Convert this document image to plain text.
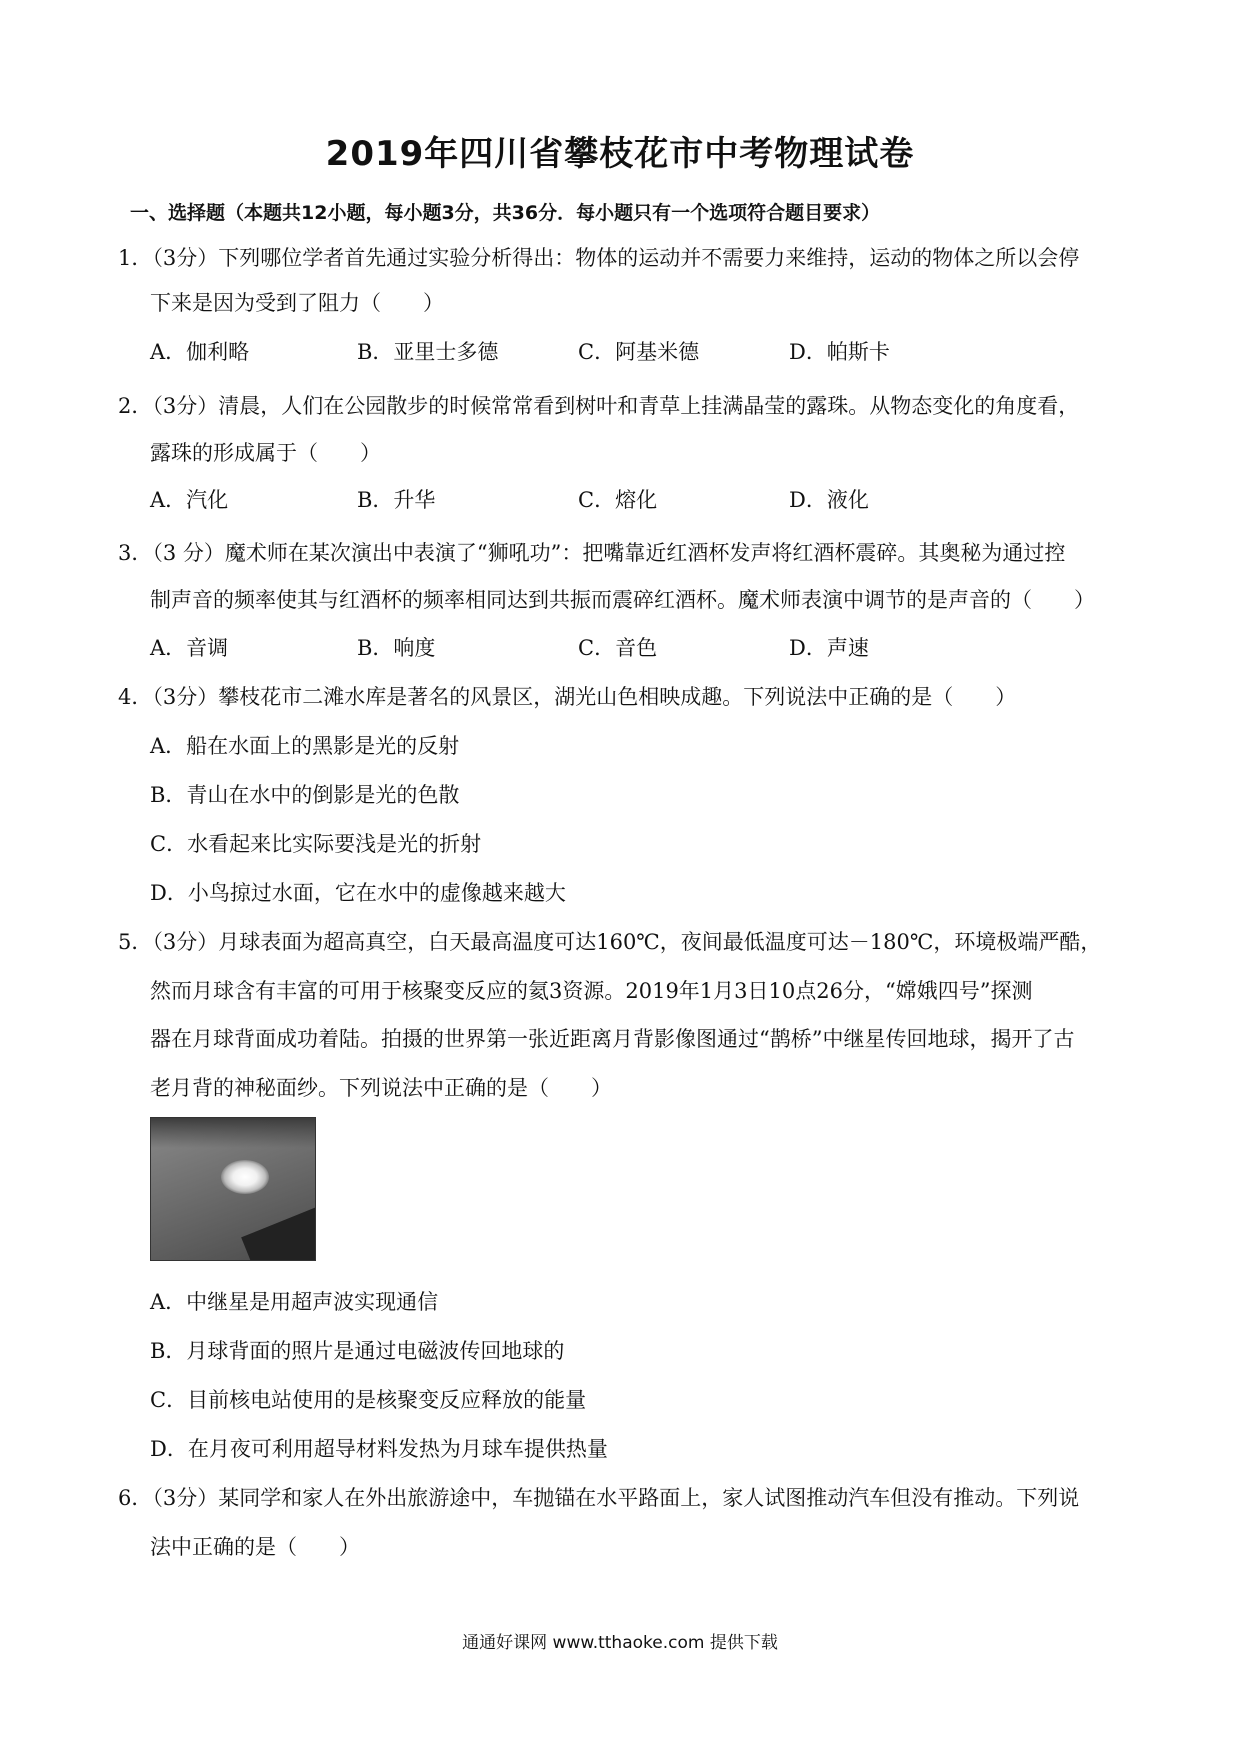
2019年四川省攀枝花市中考物理试卷
一、选择题（本题共12小题，每小题3分，共36分．每小题只有一个选项符合题目要求）
1．（3分）下列哪位学者首先通过实验分析得出：物体的运动并不需要力来维持，运动的物体之所以会停
下来是因为受到了阻力（　　）
A．伽利略	B．亚里士多德	C．阿基米德	D．帕斯卡
2．（3分）清晨，人们在公园散步的时候常常看到树叶和青草上挂满晶莹的露珠。从物态变化的角度看，
露珠的形成属于（　　）
A．汽化	B．升华	C．熔化	D．液化
3．（3 分）魔术师在某次演出中表演了“狮吼功”：把嘴靠近红酒杯发声将红酒杯震碎。其奥秘为通过控
制声音的频率使其与红酒杯的频率相同达到共振而震碎红酒杯。魔术师表演中调节的是声音的（　　）
A．音调	B．响度	C．音色	D．声速
4．（3分）攀枝花市二滩水库是著名的风景区，湖光山色相映成趣。下列说法中正确的是（　　）
A．船在水面上的黑影是光的反射
B．青山在水中的倒影是光的色散
C．水看起来比实际要浅是光的折射
D．小鸟掠过水面，它在水中的虚像越来越大
5．（3分）月球表面为超高真空，白天最高温度可达160℃，夜间最低温度可达－180℃，环境极端严酷，
然而月球含有丰富的可用于核聚变反应的氦3资源。2019年1月3日10点26分，“嫦娥四号”探测
器在月球背面成功着陆。拍摄的世界第一张近距离月背影像图通过“鹊桥”中继星传回地球，揭开了古
老月背的神秘面纱。下列说法中正确的是（　　）
A．中继星是用超声波实现通信
B．月球背面的照片是通过电磁波传回地球的
C．目前核电站使用的是核聚变反应释放的能量
D．在月夜可利用超导材料发热为月球车提供热量
6．（3分）某同学和家人在外出旅游途中，车抛锚在水平路面上，家人试图推动汽车但没有推动。下列说
法中正确的是（　　）
通通好课网 www.tthaoke.com 提供下载
